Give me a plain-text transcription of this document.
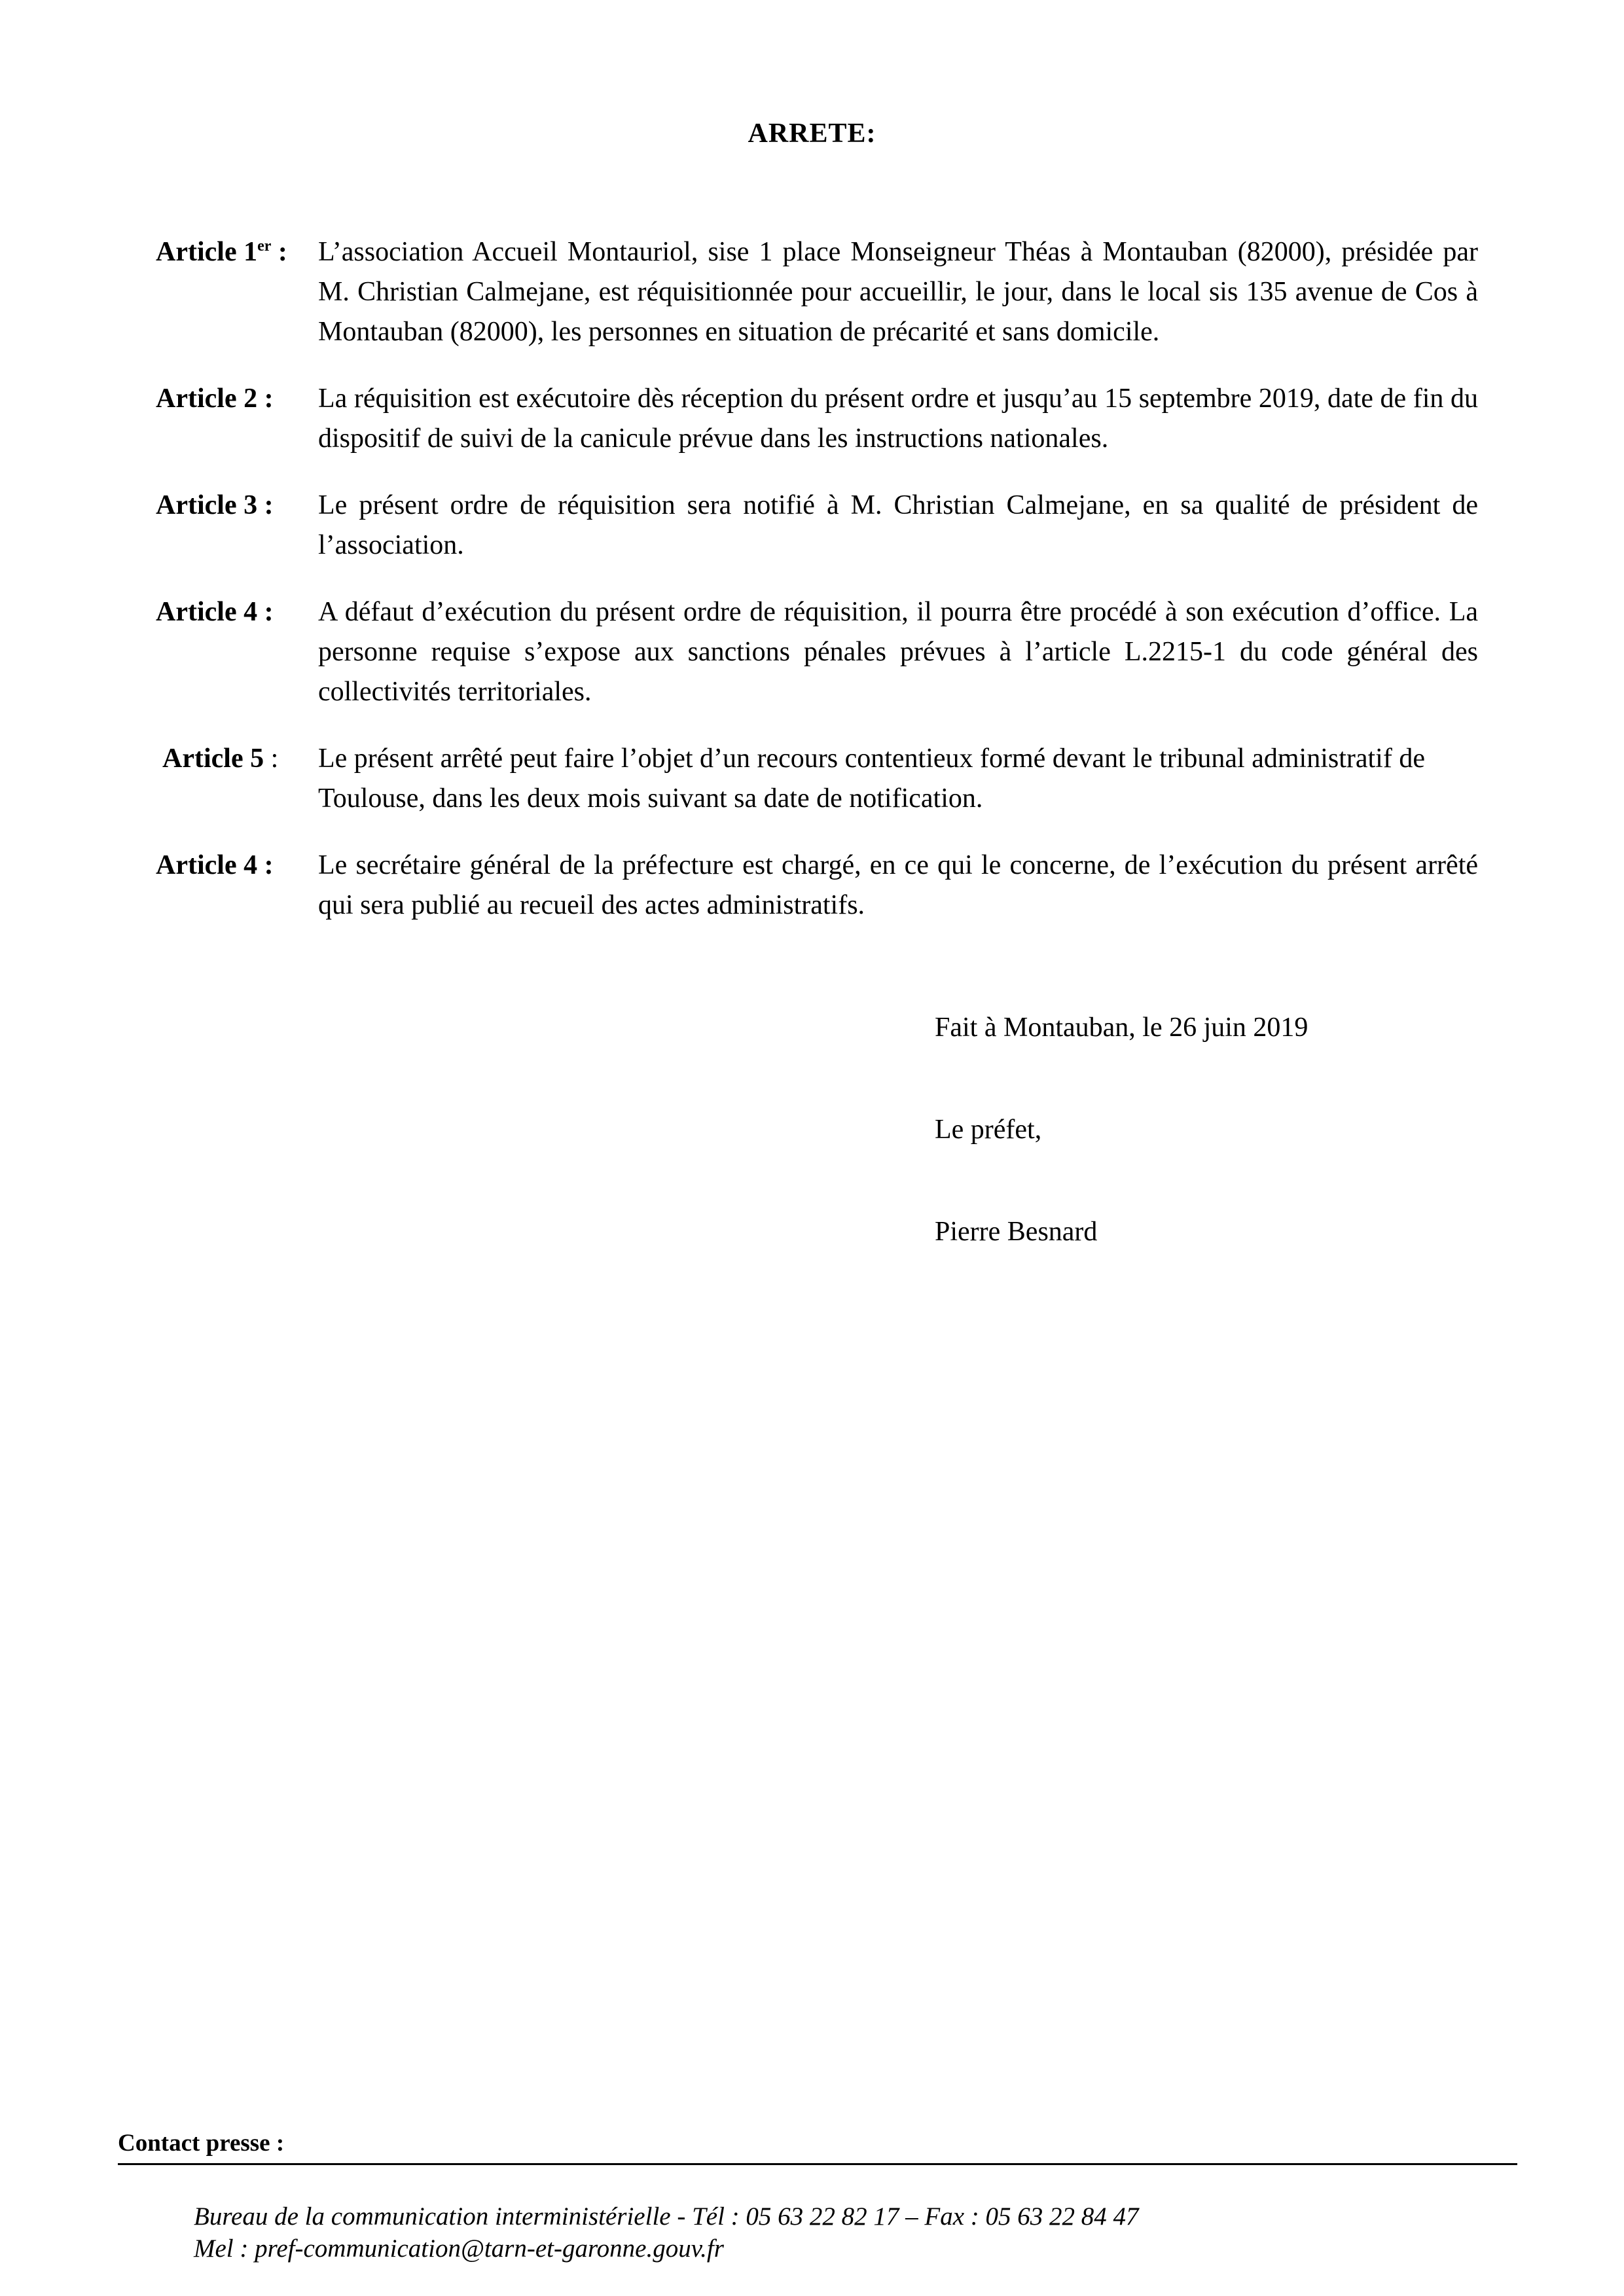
ARRETE:
Article 1er :	L’association Accueil Montauriol, sise 1 place Monseigneur Théas à Montauban (82000), présidée par M. Christian Calmejane, est réquisitionnée pour accueillir, le jour, dans le local sis 135 avenue de Cos à Montauban (82000), les personnes en situation de précarité et sans domicile.
Article 2 :	La réquisition est exécutoire dès réception du présent ordre et jusqu’au 15 septembre 2019, date de fin du dispositif de suivi de la canicule prévue dans les instructions nationales.
Article 3 :	Le présent ordre de réquisition sera notifié à M. Christian Calmejane, en sa qualité de président de l’association.
Article 4 :	A défaut d’exécution du présent ordre de réquisition, il pourra être procédé à son exécution d’office. La personne requise s’expose aux sanctions pénales prévues à l’article L.2215-1 du code général des collectivités territoriales.
Article 5 :	Le présent arrêté peut faire l’objet d’un recours contentieux formé devant le tribunal administratif de Toulouse, dans les deux mois suivant sa date de notification.
Article 4 :	Le secrétaire général de la préfecture est chargé, en ce qui le concerne, de l’exécution du présent arrêté qui sera publié au recueil des actes administratifs.
Fait à Montauban, le 26 juin 2019
Le préfet,
Pierre Besnard
Contact presse :
Bureau de la communication interministérielle - Tél : 05 63 22 82 17 – Fax : 05 63 22 84 47
Mel : pref-communication@tarn-et-garonne.gouv.fr
